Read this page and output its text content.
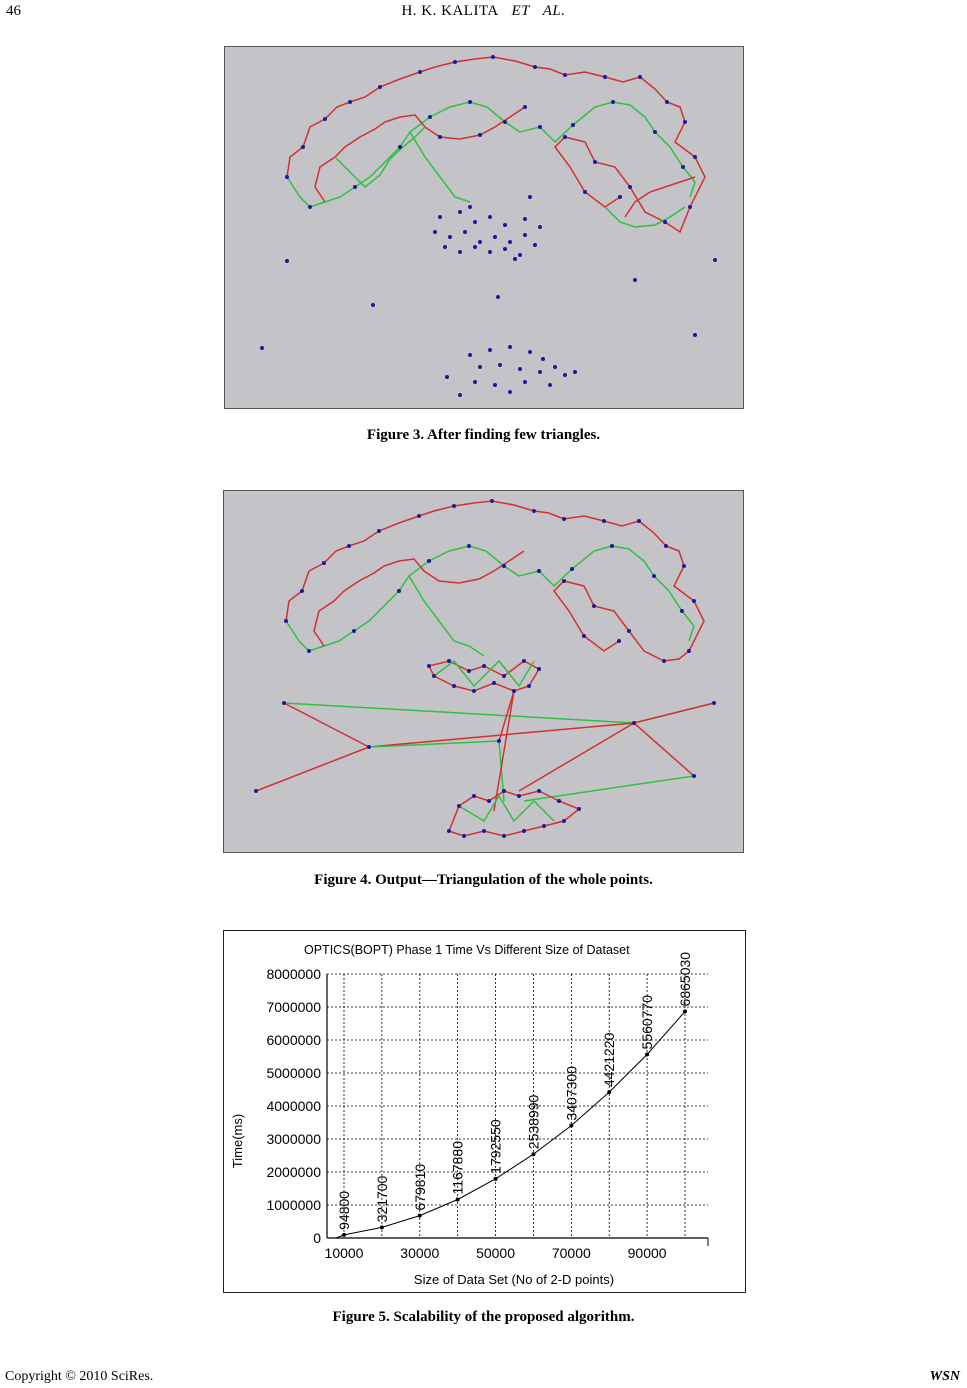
46	H. K. KALITA ET AL.
Figure 3. After finding few triangles.
Figure 4. Output—Triangulation of the whole points.
OPTICS(BOPT) Phase 1 Time Vs Different Size of Dataset
94800 321700 679810 1167880 1792550 2538990
3407300
4421220
5560770
6865030
0
1000000
2000000
3000000
4000000
5000000
6000000
7000000
8000000
10000	30000	50000	70000	90000
Time(ms)
Size of Data Set (No of 2-D points)
Figure 5. Scalability of the proposed algorithm.
Copyright © 2010 SciRes.	WSN
